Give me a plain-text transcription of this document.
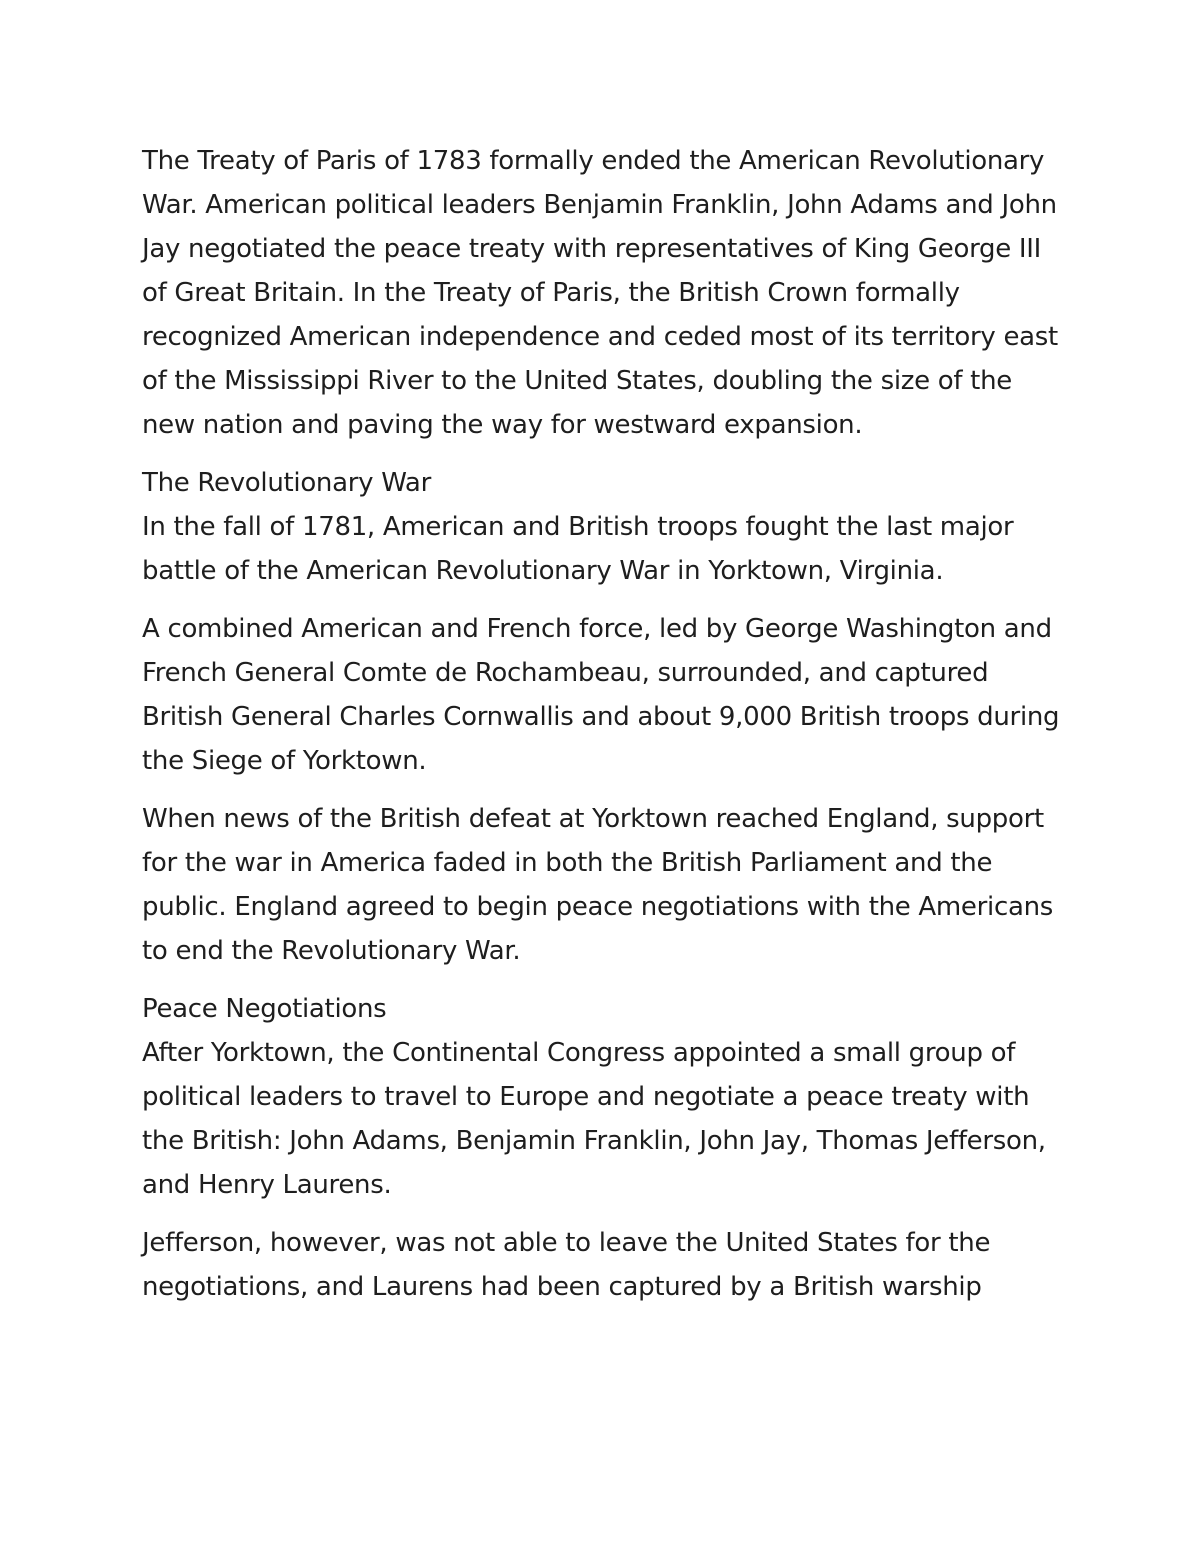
The Treaty of Paris of 1783 formally ended the American Revolutionary War. American political leaders Benjamin Franklin, John Adams and John Jay negotiated the peace treaty with representatives of King George III of Great Britain. In the Treaty of Paris, the British Crown formally recognized American independence and ceded most of its territory east of the Mississippi River to the United States, doubling the size of the new nation and paving the way for westward expansion.

The Revolutionary War
In the fall of 1781, American and British troops fought the last major battle of the American Revolutionary War in Yorktown, Virginia.

A combined American and French force, led by George Washington and French General Comte de Rochambeau, surrounded, and captured British General Charles Cornwallis and about 9,000 British troops during the Siege of Yorktown.

When news of the British defeat at Yorktown reached England, support for the war in America faded in both the British Parliament and the public. England agreed to begin peace negotiations with the Americans to end the Revolutionary War.

Peace Negotiations
After Yorktown, the Continental Congress appointed a small group of political leaders to travel to Europe and negotiate a peace treaty with the British: John Adams, Benjamin Franklin, John Jay, Thomas Jefferson, and Henry Laurens.

Jefferson, however, was not able to leave the United States for the negotiations, and Laurens had been captured by a British warship
